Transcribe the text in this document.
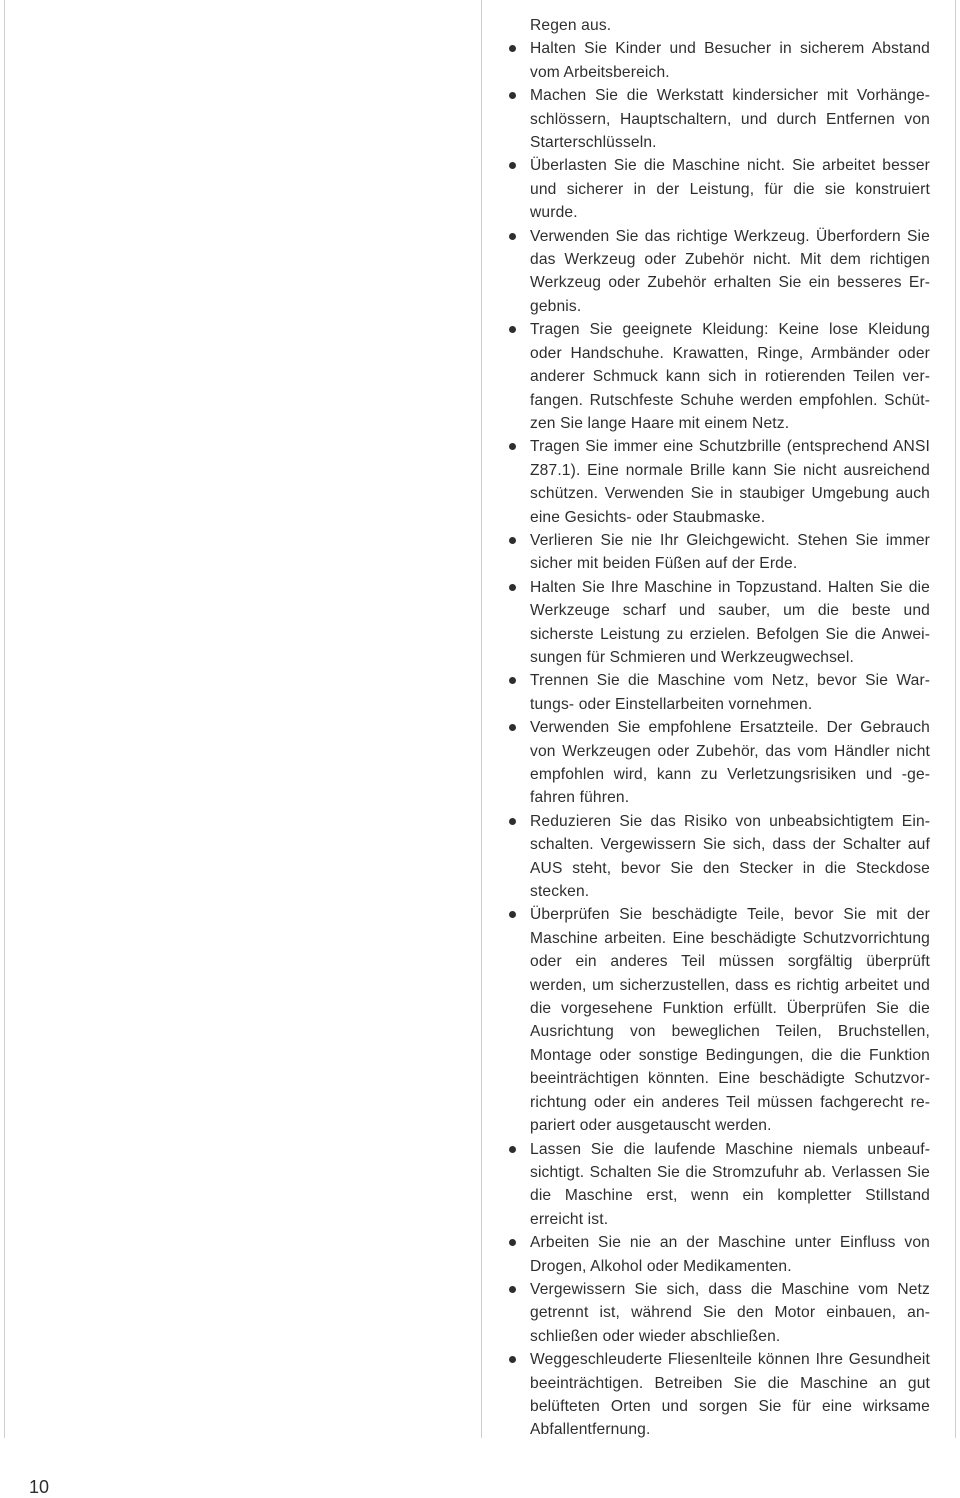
Regen aus.

Halten Sie Kinder und Besucher in sicherem Abstand vom Arbeitsbereich.
Machen Sie die Werkstatt kindersicher mit Vorhängeschlössern, Hauptschaltern, und durch Entfernen von Starterschlüsseln.
Überlasten Sie die Maschine nicht. Sie arbeitet besser und sicherer in der Leistung, für die sie konstruiert wurde.
Verwenden Sie das richtige Werkzeug. Überfordern Sie das Werkzeug oder Zubehör nicht. Mit dem richtigen Werkzeug oder Zubehör erhalten Sie ein besseres Ergebnis.
Tragen Sie geeignete Kleidung: Keine lose Kleidung oder Handschuhe. Krawatten, Ringe, Armbänder oder anderer Schmuck kann sich in rotierenden Teilen verfangen. Rutschfeste Schuhe werden empfohlen. Schützen Sie lange Haare mit einem Netz.
Tragen Sie immer eine Schutzbrille (entsprechend ANSI Z87.1). Eine normale Brille kann Sie nicht ausreichend schützen. Verwenden Sie in staubiger Umgebung auch eine Gesichts- oder Staubmaske.
Verlieren Sie nie Ihr Gleichgewicht. Stehen Sie immer sicher mit beiden Füßen auf der Erde.
Halten Sie Ihre Maschine in Topzustand. Halten Sie die Werkzeuge scharf und sauber, um die beste und sicherste Leistung zu erzielen. Befolgen Sie die Anweisungen für Schmieren und Werkzeugwechsel.
Trennen Sie die Maschine vom Netz, bevor Sie Wartungs- oder Einstellarbeiten vornehmen.
Verwenden Sie empfohlene Ersatzteile. Der Gebrauch von Werkzeugen oder Zubehör, das vom Händler nicht empfohlen wird, kann zu Verletzungsrisiken und -gefahren führen.
Reduzieren Sie das Risiko von unbeabsichtigtem Einschalten. Vergewissern Sie sich, dass der Schalter auf AUS steht, bevor Sie den Stecker in die Steckdose stecken.
Überprüfen Sie beschädigte Teile, bevor Sie mit der Maschine arbeiten. Eine beschädigte Schutzvorrichtung oder ein anderes Teil müssen sorgfältig überprüft werden, um sicherzustellen, dass es richtig arbeitet und die vorgesehene Funktion erfüllt. Überprüfen Sie die Ausrichtung von beweglichen Teilen, Bruchstellen, Montage oder sonstige Bedingungen, die die Funktion beeinträchtigen könnten. Eine beschädigte Schutzvorrichtung oder ein anderes Teil müssen fachgerecht repariert oder ausgetauscht werden.
Lassen Sie die laufende Maschine niemals unbeaufsichtigt. Schalten Sie die Stromzufuhr ab. Verlassen Sie die Maschine erst, wenn ein kompletter Stillstand erreicht ist.
Arbeiten Sie nie an der Maschine unter Einfluss von Drogen, Alkohol oder Medikamenten.
Vergewissern Sie sich, dass die Maschine vom Netz getrennt ist, während Sie den Motor einbauen, anschließen oder wieder abschließen.
Weggeschleuderte Fliesenlteile können Ihre Gesundheit beeinträchtigen. Betreiben Sie die Maschine an gut belüfteten Orten und sorgen Sie für eine wirksame Abfallentfernung.
10
